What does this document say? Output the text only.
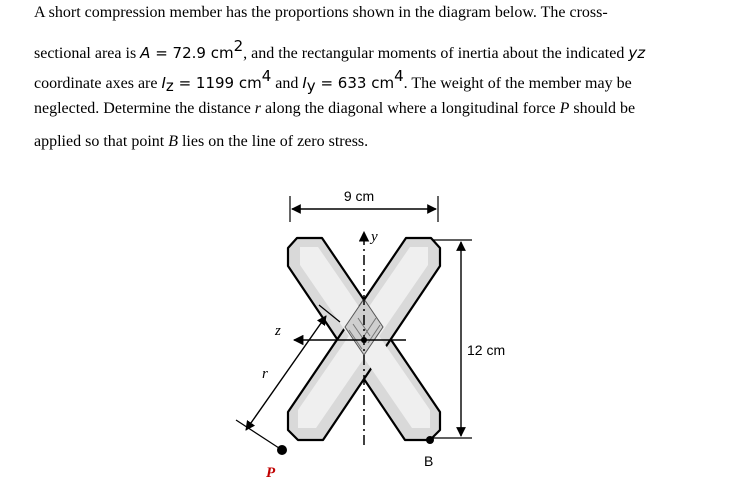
A short compression member has the proportions shown in the diagram below. The cross-
sectional area is A = 72.9 $cm^2$, and the rectangular moments of inertia about the indicated yz
coordinate axes are $I_z = 1199$ $cm^4$ and $I_y = 633$ $cm^4$. The weight of the member may be
neglected. Determine the distance r along the diagonal where a longitudinal force P should be
applied so that point B lies on the line of zero stress.
9 cm
12 cm
y
z
r
B
P
